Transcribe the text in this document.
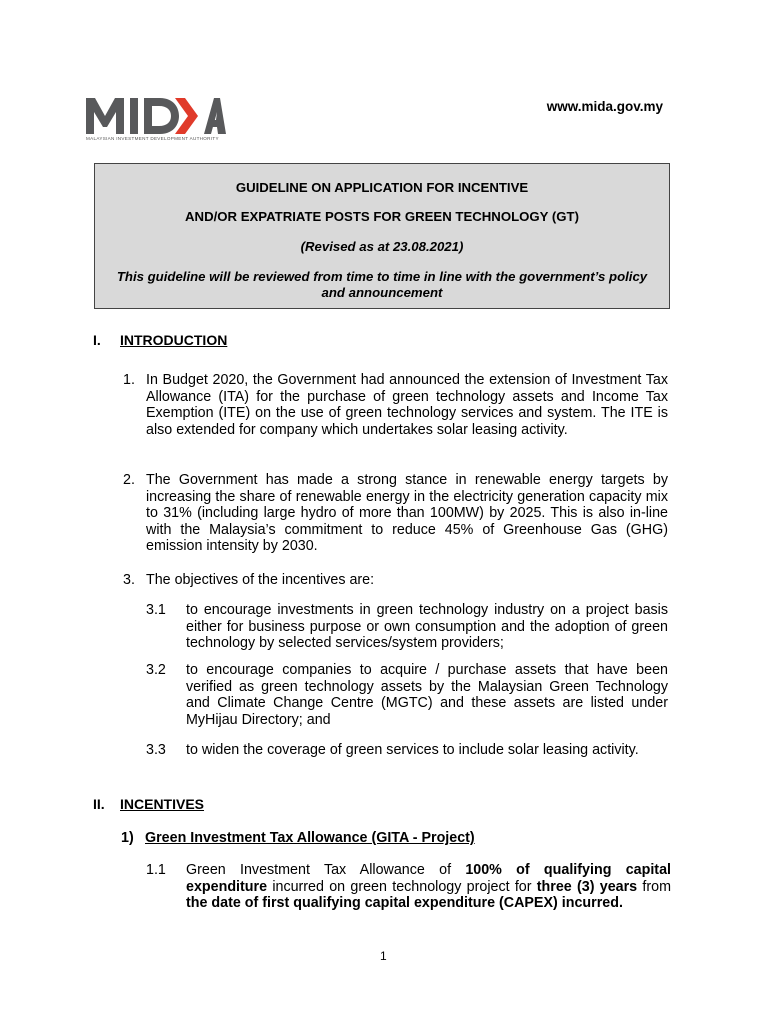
MALAYSIAN INVESTMENT DEVELOPMENT AUTHORITY
www.mida.gov.my

GUIDELINE ON APPLICATION FOR INCENTIVE

AND/OR EXPATRIATE POSTS FOR GREEN TECHNOLOGY (GT)

(Revised as at 23.08.2021)

This guideline will be reviewed from time to time in line with the government’s policy and announcement

I. INTRODUCTION
1. In Budget 2020, the Government had announced the extension of Investment Tax Allowance (ITA) for the purchase of green technology assets and Income Tax Exemption (ITE) on the use of green technology services and system. The ITE is also extended for company which undertakes solar leasing activity.
2. The Government has made a strong stance in renewable energy targets by increasing the share of renewable energy in the electricity generation capacity mix to 31% (including large hydro of more than 100MW) by 2025. This is also in-line with the Malaysia’s commitment to reduce 45% of Greenhouse Gas (GHG) emission intensity by 2030.
3. The objectives of the incentives are:
3.1 to encourage investments in green technology industry on a project basis either for business purpose or own consumption and the adoption of green technology by selected services/system providers;
3.2 to encourage companies to acquire / purchase assets that have been verified as green technology assets by the Malaysian Green Technology and Climate Change Centre (MGTC) and these assets are listed under MyHijau Directory; and
3.3 to widen the coverage of green services to include solar leasing activity.
II. INCENTIVES
1) Green Investment Tax Allowance (GITA - Project)
1.1 Green Investment Tax Allowance of 100% of qualifying capital expenditure incurred on green technology project for three (3) years from the date of first qualifying capital expenditure (CAPEX) incurred.
1
